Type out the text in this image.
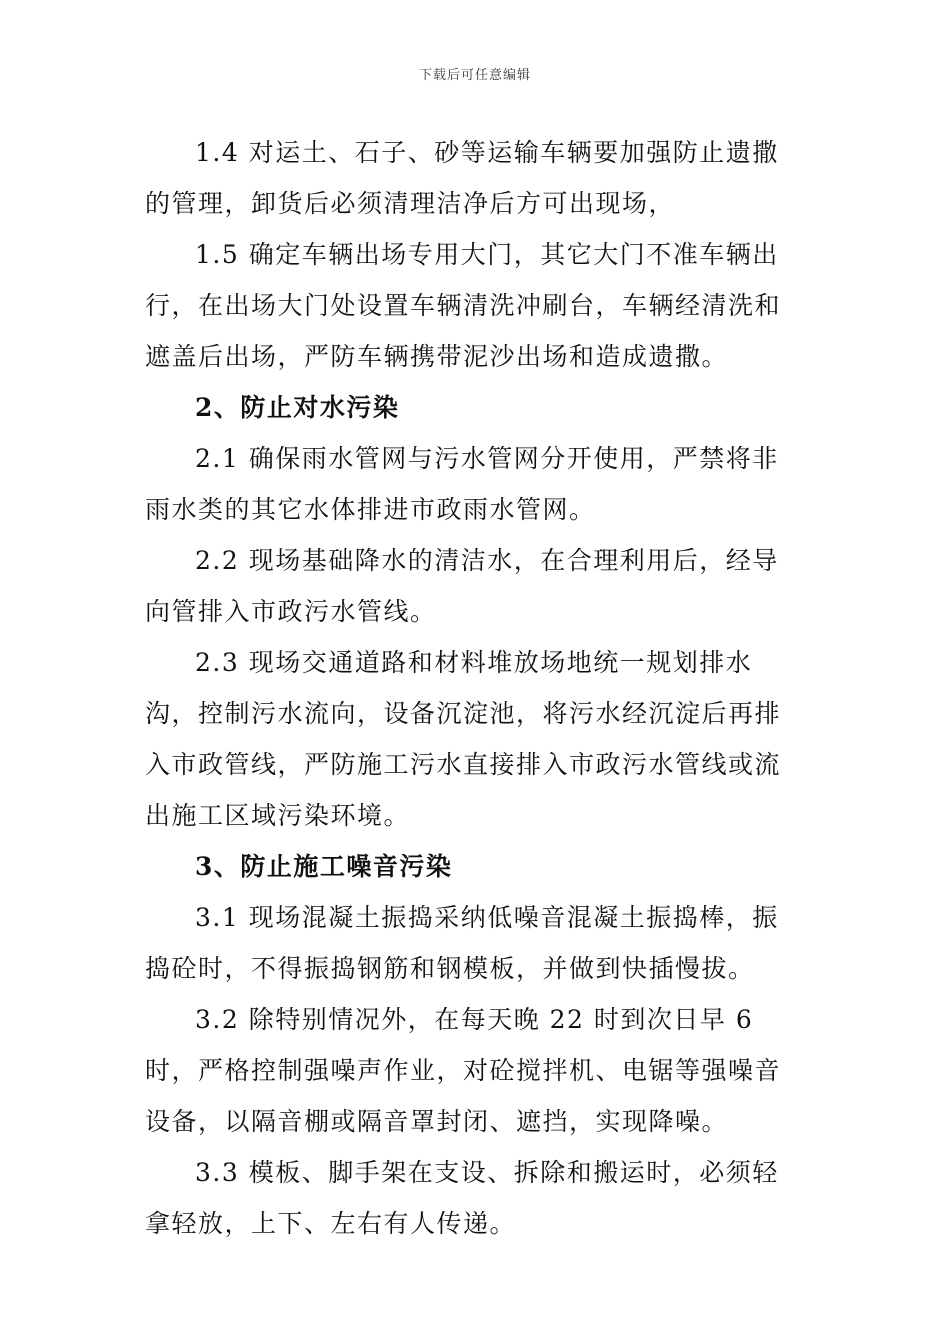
下载后可任意编辑

1.4 对运土、石子、砂等运输车辆要加强防止遗撒的管理，卸货后必须清理洁净后方可出现场，

1.5 确定车辆出场专用大门，其它大门不准车辆出行，在出场大门处设置车辆清洗冲刷台，车辆经清洗和遮盖后出场，严防车辆携带泥沙出场和造成遗撒。

2、防止对水污染

2.1 确保雨水管网与污水管网分开使用，严禁将非雨水类的其它水体排进市政雨水管网。

2.2 现场基础降水的清洁水，在合理利用后，经导向管排入市政污水管线。

2.3 现场交通道路和材料堆放场地统一规划排水沟，控制污水流向，设备沉淀池，将污水经沉淀后再排入市政管线，严防施工污水直接排入市政污水管线或流出施工区域污染环境。

3、防止施工噪音污染

3.1 现场混凝土振捣采纳低噪音混凝土振捣棒，振捣砼时，不得振捣钢筋和钢模板，并做到快插慢拔。

3.2 除特别情况外，在每天晚 22 时到次日早 6 时，严格控制强噪声作业，对砼搅拌机、电锯等强噪音设备，以隔音棚或隔音罩封闭、遮挡，实现降噪。

3.3 模板、脚手架在支设、拆除和搬运时，必须轻拿轻放，上下、左右有人传递。
